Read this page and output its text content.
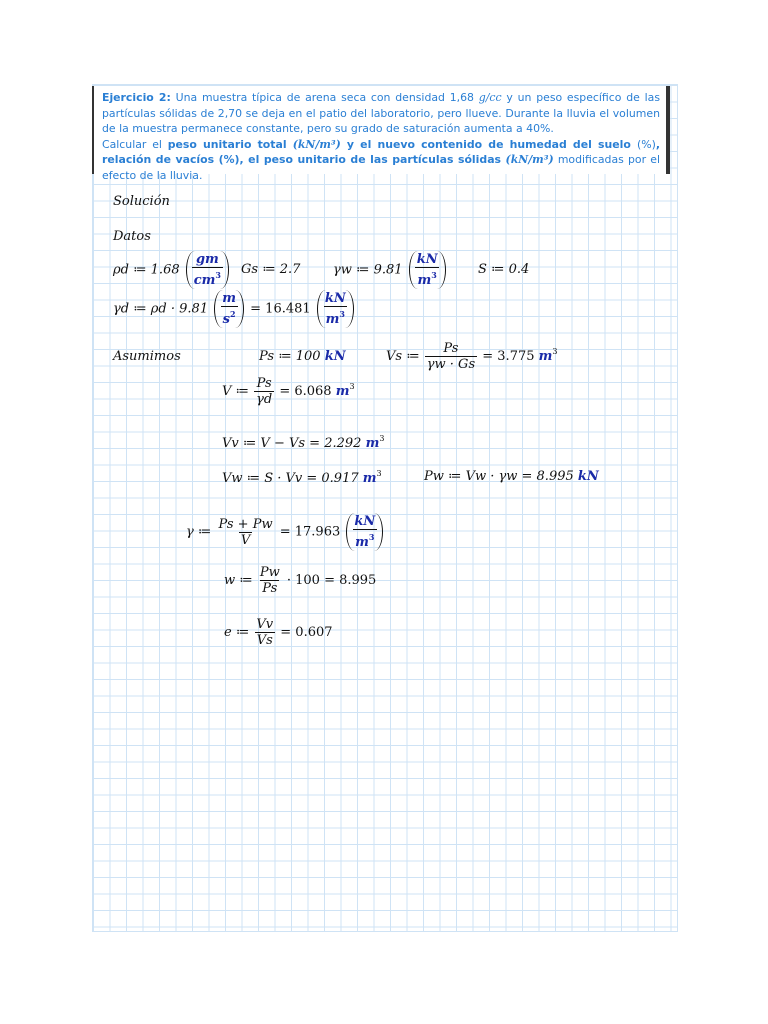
Ejercicio 2: Una muestra típica de arena seca con densidad 1,68 g/cc y un peso específico de las partículas sólidas de 2,70 se deja en el patio del laboratorio, pero llueve. Durante la lluvia el volumen de la muestra permanece constante, pero su grado de saturación aumenta a 40%.
Calcular el peso unitario total (kN/m³) y el nuevo contenido de humedad del suelo (%), relación de vacíos (%), el peso unitario de las partículas sólidas (kN/m³) modificadas por el efecto de la lluvia.
Solución
Datos
ρd ≔ $1.68 \frac{gm}{cm^3}$ Gs ≔ 2.7	γw ≔ $9.81 \frac{kN}{m^3}$	S ≔ 0.4
γd ≔ $\rho d \cdot 9.81 \frac{m}{s^2} = 16.481 \frac{kN}{m^3}$
Asumimos	Ps ≔ 100 kN	Vs ≔ $\frac{Ps}{\gamma w \cdot Gs} = 3.775$ $m^3$
V ≔ $\frac{Ps}{\gamma d} = 6.068$ $m^3$
Vv ≔ V − Vs = 2.292 $m^3$
Vw ≔ S · Vv = 0.917 $m^3$	Pw ≔ Vw · γw = 8.995 kN
γ ≔ $\frac{Ps + Pw}{V} = 17.963 \frac{kN}{m^3}$
w ≔ $\frac{Pw}{Ps} \cdot 100 = 8.995$
e ≔ $\frac{Vv}{Vs} = 0.607$
